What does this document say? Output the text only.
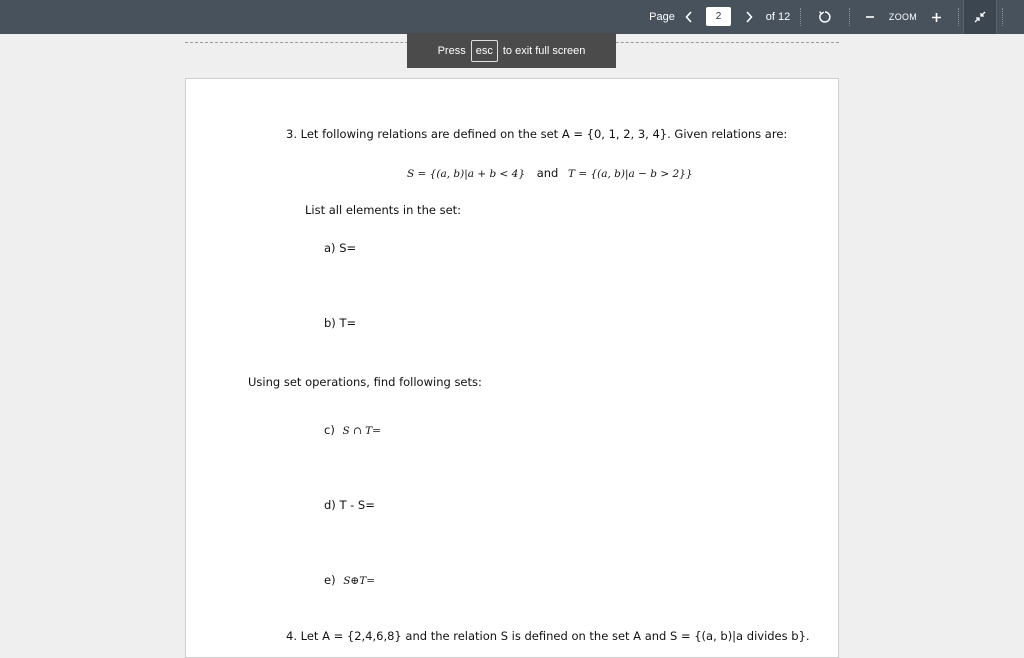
Page	2	of 12	ZOOM
3. Let following relations are defined on the set A = {0, 1, 2, 3, 4}. Given relations are:
S = {(a, b)|a + b < 4} and T = {(a, b)|a − b > 2}}
List all elements in the set:
a) S=
b) T=
Using set operations, find following sets:
c) S ∩ T=
d) T - S=
e) S⊕T=
4. Let A = {2,4,6,8} and the relation S is defined on the set A and S = {(a, b)|a divides b}.
Press esc to exit full screen
